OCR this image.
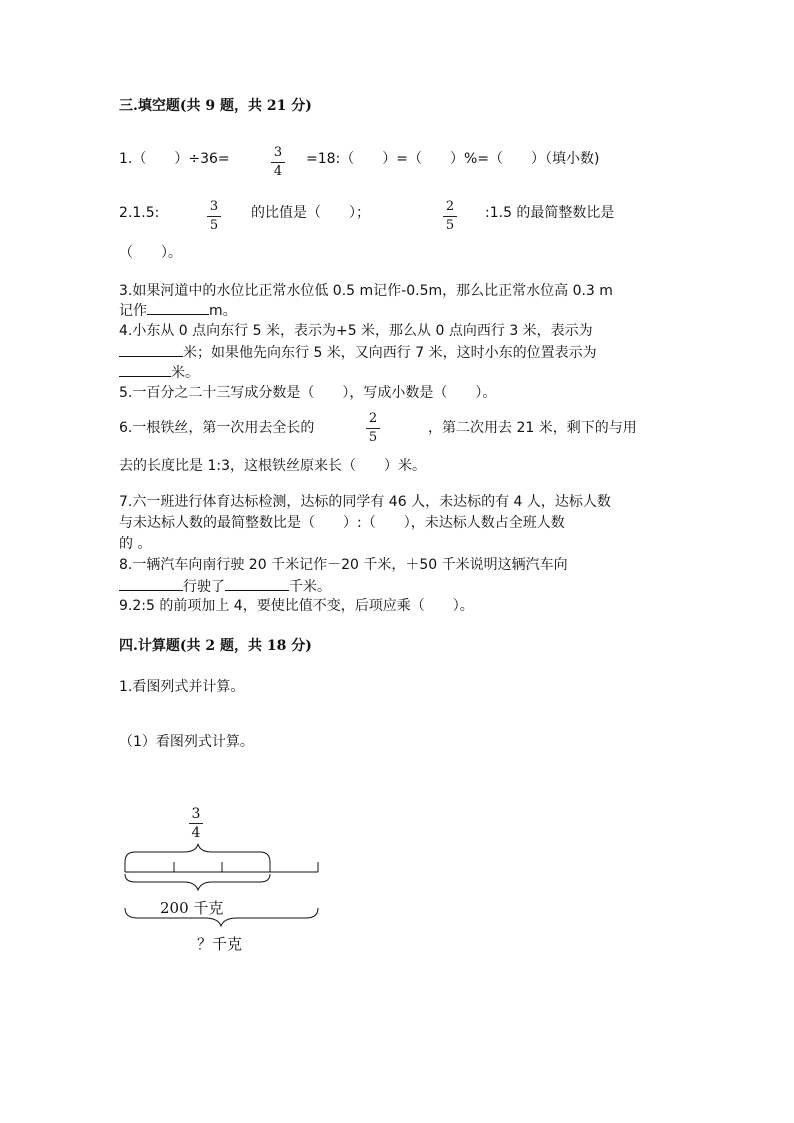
三.填空题(共 9 题，共 21 分)
1.（　　）÷36=	3
4
=18:（　　）=（　　）%=（　　）（填小数)
2.1.5:	3
5
的比值是（　　）；	2
5
:1.5 的最简整数比是
（　　）。
3.如果河道中的水位比正常水位低 0.5 m记作-0.5m，那么比正常水位高 0.3 m
记作	m。
4.小东从 0 点向东行 5 米，表示为+5 米，那么从 0 点向西行 3 米，表示为
米；如果他先向东行 5 米，又向西行 7 米，这时小东的位置表示为
米。
5.一百分之二十三写成分数是（　　），写成小数是（　　）。
6.一根铁丝，第一次用去全长的
2
5
，第二次用去 21 米，剩下的与用
去的长度比是 1:3，这根铁丝原来长（　　）米。
7.六一班进行体育达标检测，达标的同学有 46 人，未达标的有 4 人，达标人数
与未达标人数的最简整数比是（　　）:（　　），未达标人数占全班人数
的 。
8.一辆汽车向南行驶 20 千米记作－20 千米，＋50 千米说明这辆汽车向
行驶了	千米。
9.2:5 的前项加上 4，要使比值不变，后项应乘（　　）。
四.计算题(共 2 题，共 18 分)
1.看图列式并计算。
（1）看图列式计算。
3
4
200 千克
？千克
